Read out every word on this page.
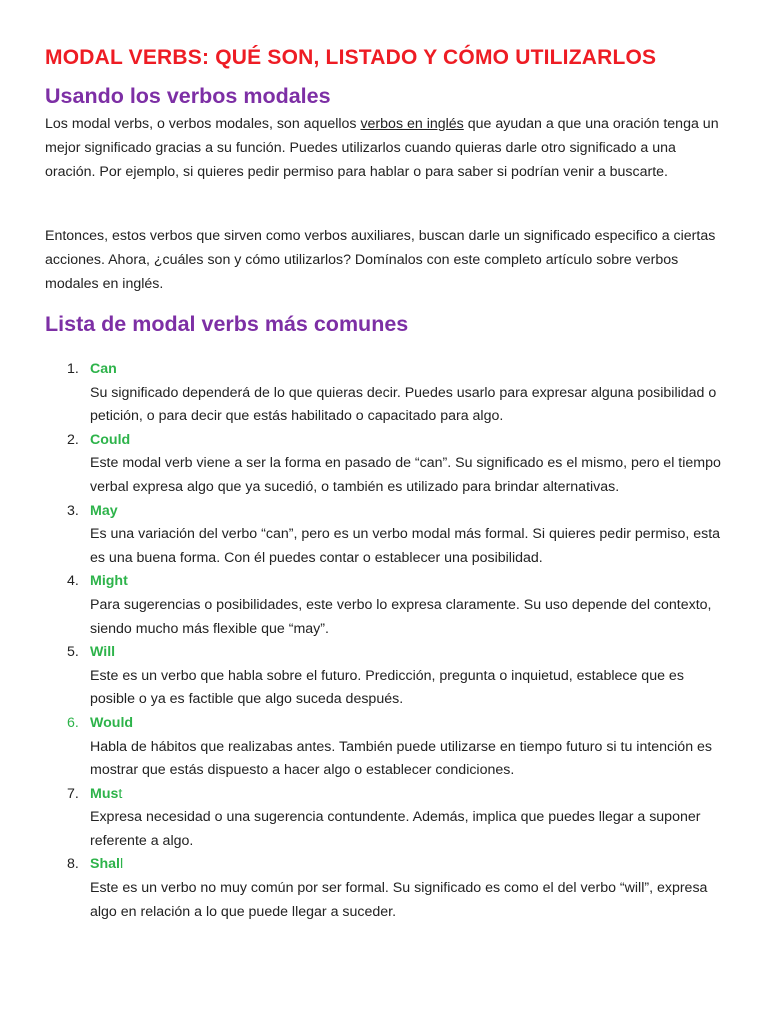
MODAL VERBS: QUÉ SON, LISTADO Y CÓMO UTILIZARLOS
Usando los verbos modales

Los modal verbs, o verbos modales, son aquellos verbos en inglés que ayudan a que una oración tenga un mejor significado gracias a su función. Puedes utilizarlos cuando quieras darle otro significado a una oración. Por ejemplo, si quieres pedir permiso para hablar o para saber si podrían venir a buscarte.

Entonces, estos verbos que sirven como verbos auxiliares, buscan darle un significado especifico a ciertas acciones. Ahora, ¿cuáles son y cómo utilizarlos? Domínalos con este completo artículo sobre verbos modales en inglés.

Lista de modal verbs más comunes
1. Can
Su significado dependerá de lo que quieras decir. Puedes usarlo para expresar alguna posibilidad o petición, o para decir que estás habilitado o capacitado para algo.
2. Could
Este modal verb viene a ser la forma en pasado de “can”. Su significado es el mismo, pero el tiempo verbal expresa algo que ya sucedió, o también es utilizado para brindar alternativas.
3. May
Es una variación del verbo “can”, pero es un verbo modal más formal. Si quieres pedir permiso, esta es una buena forma. Con él puedes contar o establecer una posibilidad.
4. Might
Para sugerencias o posibilidades, este verbo lo expresa claramente. Su uso depende del contexto, siendo mucho más flexible que “may”.
5. Will
Este es un verbo que habla sobre el futuro. Predicción, pregunta o inquietud, establece que es posible o ya es factible que algo suceda después.
6. Would
Habla de hábitos que realizabas antes. También puede utilizarse en tiempo futuro si tu intención es mostrar que estás dispuesto a hacer algo o establecer condiciones.
7. Must
Expresa necesidad o una sugerencia contundente. Además, implica que puedes llegar a suponer referente a algo.
8. Shall
Este es un verbo no muy común por ser formal. Su significado es como el del verbo “will”, expresa algo en relación a lo que puede llegar a suceder.
